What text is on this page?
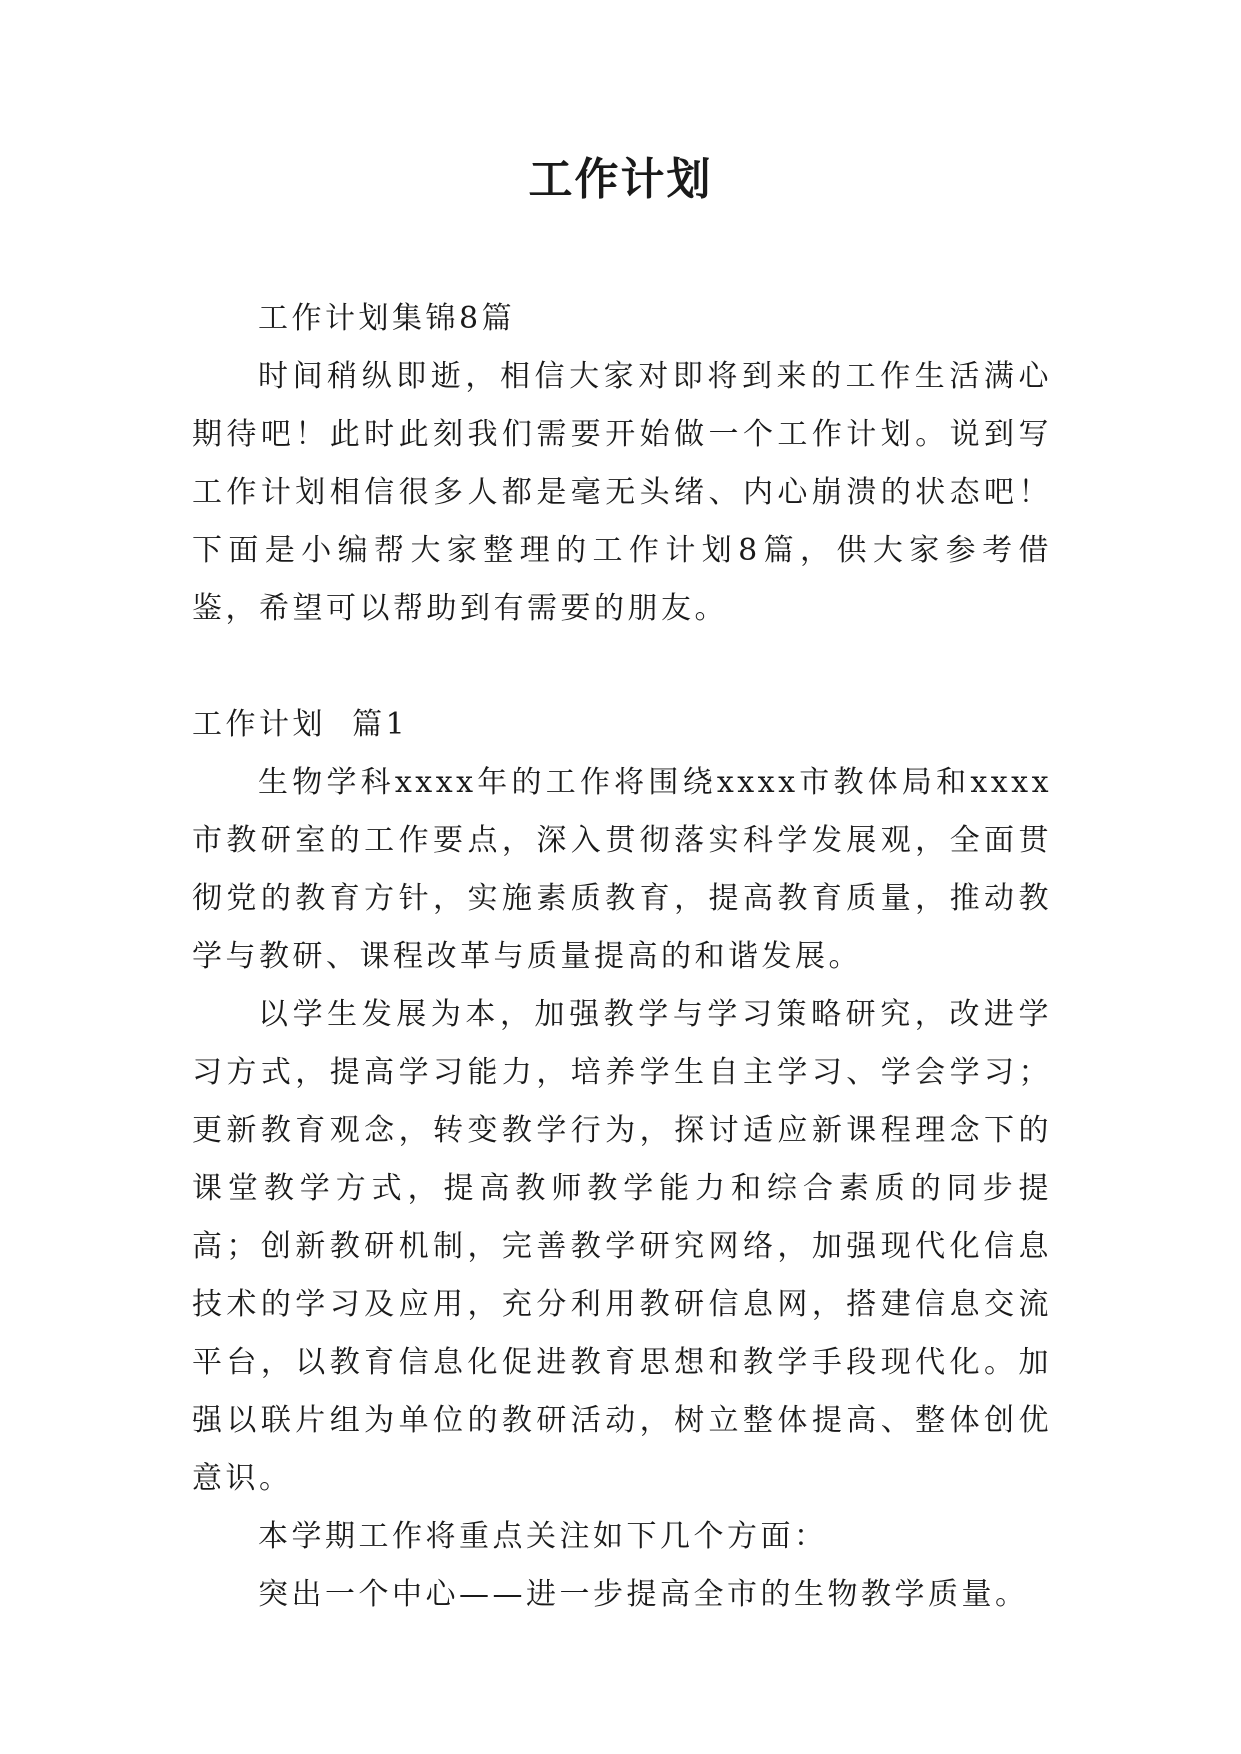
工作计划

工作计划集锦8篇

时间稍纵即逝，相信大家对即将到来的工作生活满心期待吧！此时此刻我们需要开始做一个工作计划。说到写工作计划相信很多人都是毫无头绪、内心崩溃的状态吧！下面是小编帮大家整理的工作计划8篇，供大家参考借鉴，希望可以帮助到有需要的朋友。

工作计划  篇1

生物学科xxxx年的工作将围绕xxxx市教体局和xxxx市教研室的工作要点，深入贯彻落实科学发展观，全面贯彻党的教育方针，实施素质教育，提高教育质量，推动教学与教研、课程改革与质量提高的和谐发展。

以学生发展为本，加强教学与学习策略研究，改进学习方式，提高学习能力，培养学生自主学习、学会学习；更新教育观念，转变教学行为，探讨适应新课程理念下的课堂教学方式，提高教师教学能力和综合素质的同步提高；创新教研机制，完善教学研究网络，加强现代化信息技术的学习及应用，充分利用教研信息网，搭建信息交流平台，以教育信息化促进教育思想和教学手段现代化。加强以联片组为单位的教研活动，树立整体提高、整体创优意识。

本学期工作将重点关注如下几个方面：

突出一个中心——进一步提高全市的生物教学质量。
